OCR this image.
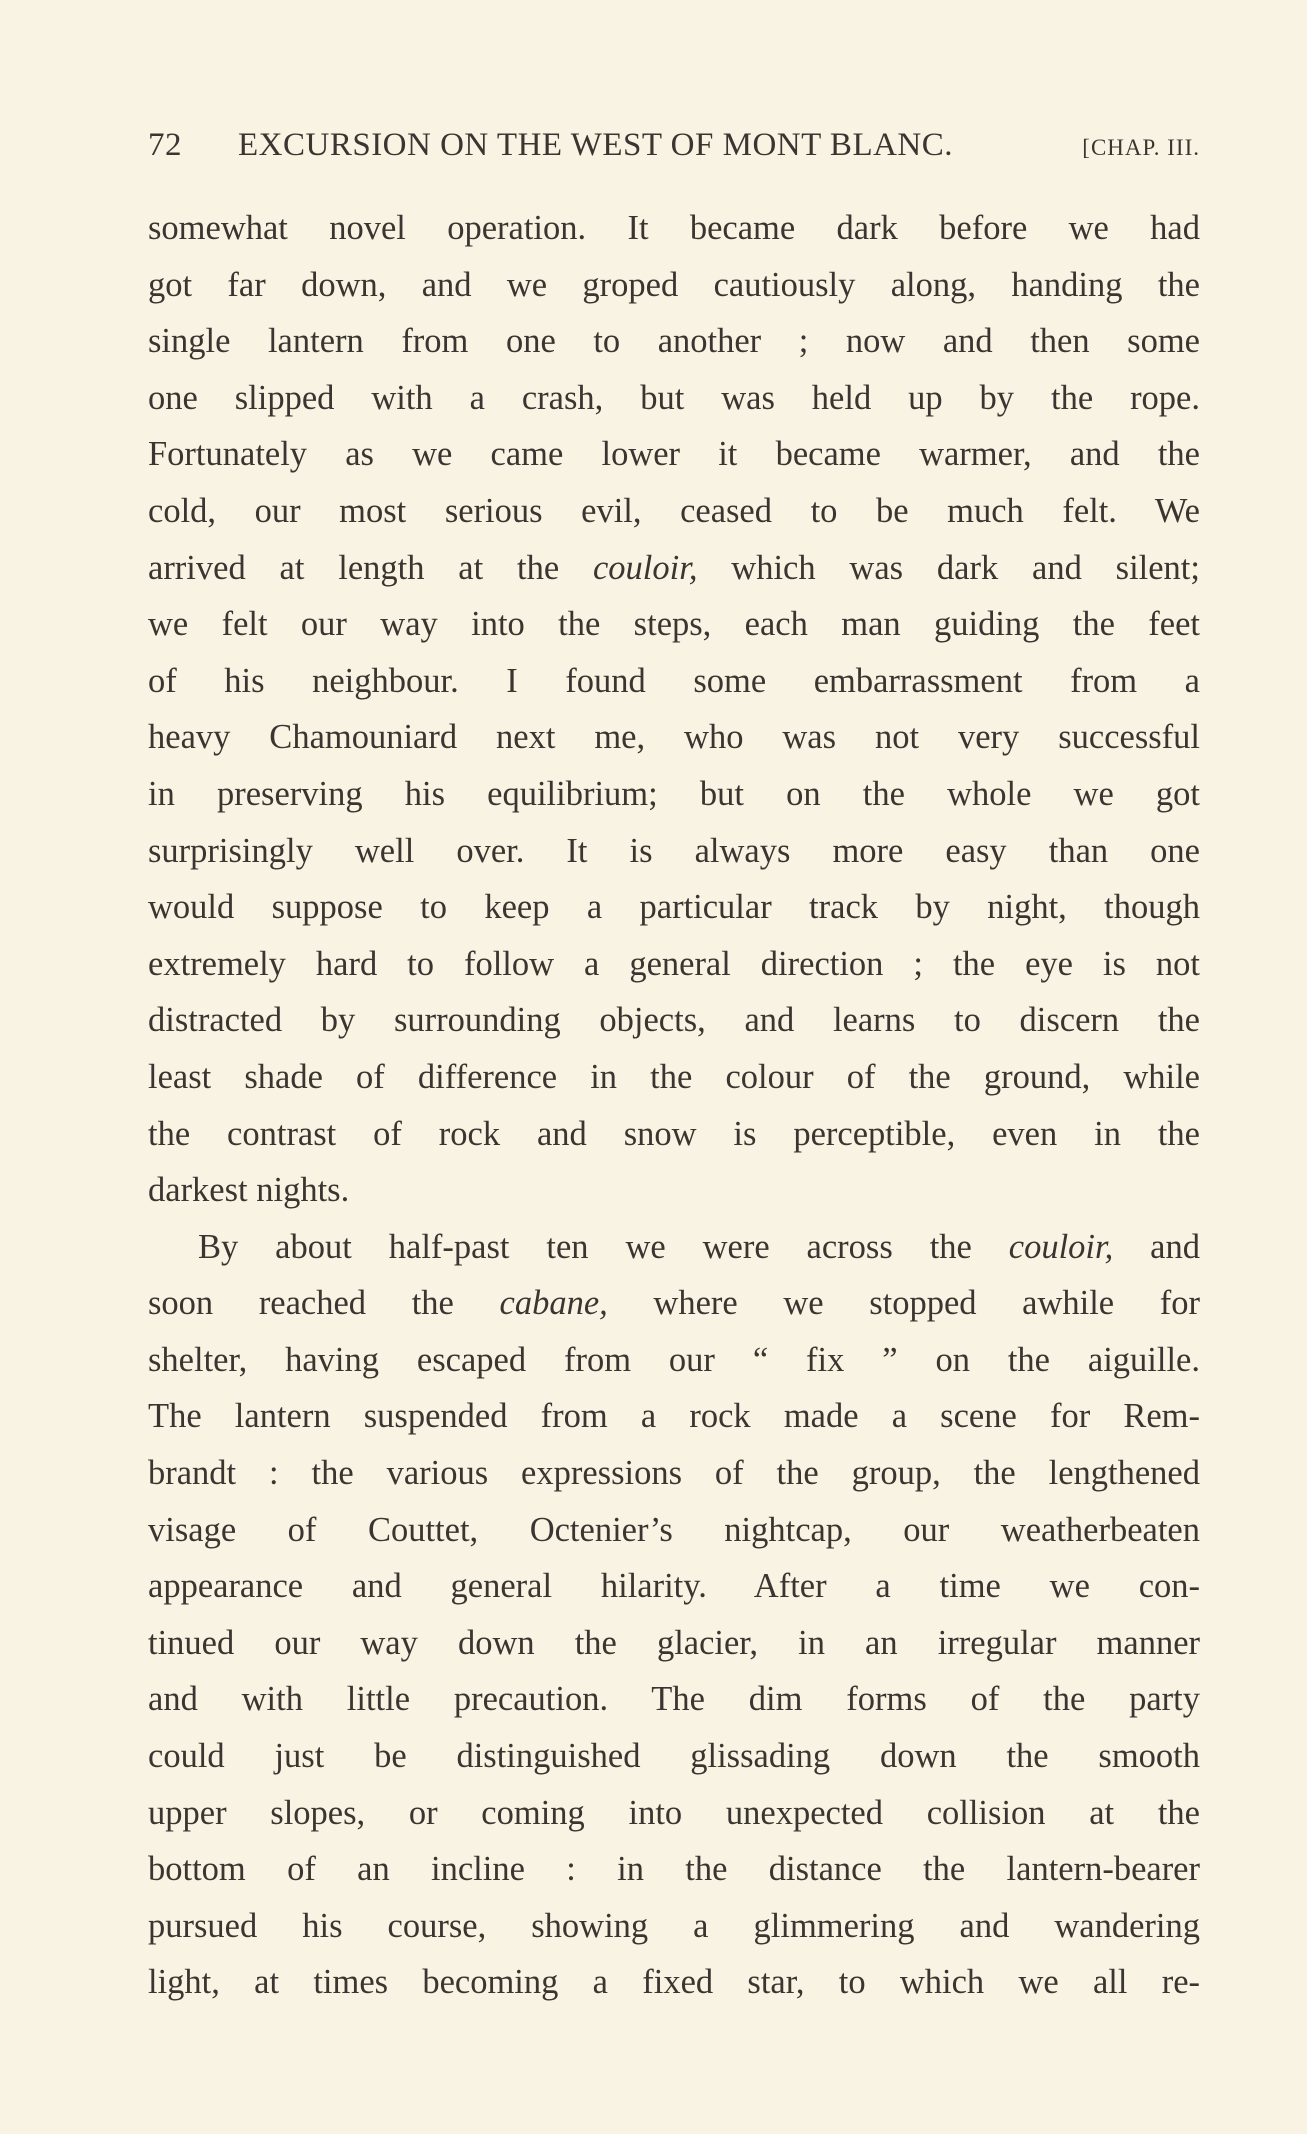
72 EXCURSION ON THE WEST OF MONT BLANC.	[CHAP. III.
somewhat novel operation. It became dark before we had
got far down, and we groped cautiously along, handing the
single lantern from one to another ; now and then some
one slipped with a crash, but was held up by the rope.
Fortunately as we came lower it became warmer, and the
cold, our most serious evil, ceased to be much felt. We
arrived at length at the couloir, which was dark and silent;
we felt our way into the steps, each man guiding the feet
of his neighbour. I found some embarrassment from a
heavy Chamouniard next me, who was not very successful
in preserving his equilibrium; but on the whole we got
surprisingly well over. It is always more easy than one
would suppose to keep a particular track by night, though
extremely hard to follow a general direction ; the eye is not
distracted by surrounding objects, and learns to discern the
least shade of difference in the colour of the ground, while
the contrast of rock and snow is perceptible, even in the
darkest nights.
By about half-past ten we were across the couloir, and
soon reached the cabane, where we stopped awhile for
shelter, having escaped from our “ fix ” on the aiguille.
The lantern suspended from a rock made a scene for Rem-
brandt : the various expressions of the group, the lengthened
visage of Couttet, Octenier’s nightcap, our weatherbeaten
appearance and general hilarity. After a time we con-
tinued our way down the glacier, in an irregular manner
and with little precaution. The dim forms of the party
could just be distinguished glissading down the smooth
upper slopes, or coming into unexpected collision at the
bottom of an incline : in the distance the lantern-bearer
pursued his course, showing a glimmering and wandering
light, at times becoming a fixed star, to which we all re-
